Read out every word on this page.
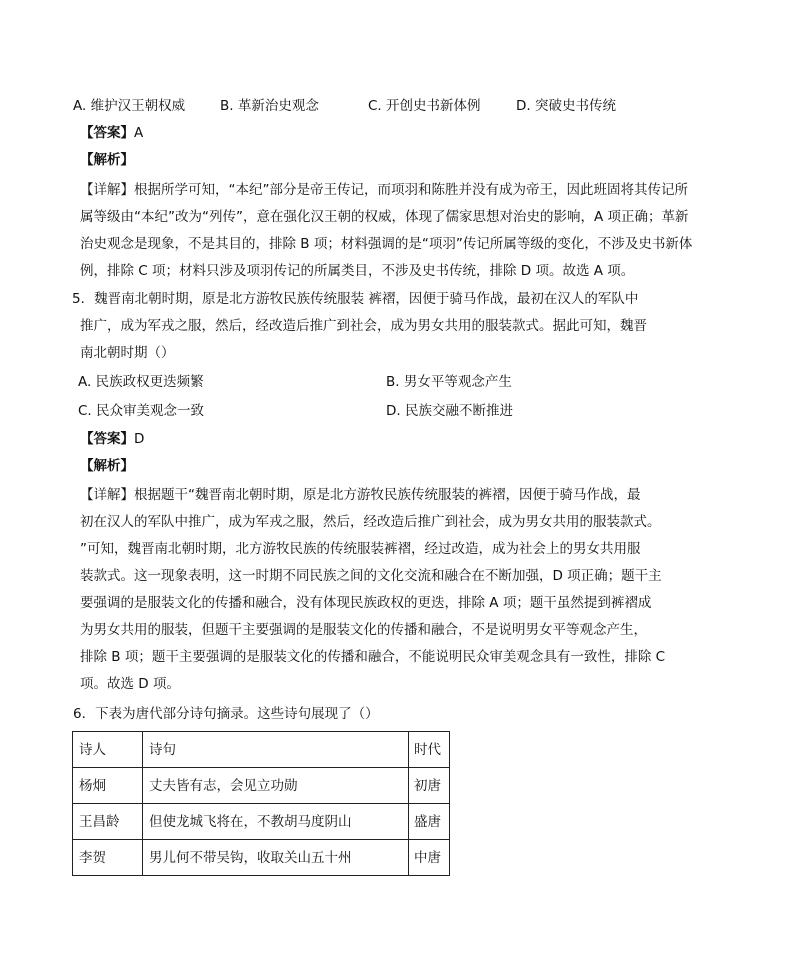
A. 维护汉王朝权威	B. 革新治史观念	C. 开创史书新体例	D. 突破史书传统
【答案】A
【解析】
【详解】根据所学可知，“本纪”部分是帝王传记，而项羽和陈胜并没有成为帝王，因此班固将其传记所
属等级由“本纪”改为“列传”，意在强化汉王朝的权威，体现了儒家思想对治史的影响，A 项正确；革新
治史观念是现象，不是其目的，排除 B 项；材料强调的是“项羽”传记所属等级的变化，不涉及史书新体
例，排除 C 项；材料只涉及项羽传记的所属类目，不涉及史书传统，排除 D 项。故选 A 项。
5．魏晋南北朝时期，原是北方游牧民族传统服装 裤褶，因便于骑马作战，最初在汉人的军队中
推广，成为军戎之服，然后，经改造后推广到社会，成为男女共用的服装款式。据此可知，魏晋
南北朝时期（）
A. 民族政权更迭频繁	B. 男女平等观念产生
C. 民众审美观念一致	D. 民族交融不断推进
【答案】D
【解析】
【详解】根据题干“魏晋南北朝时期，原是北方游牧民族传统服装的裤褶，因便于骑马作战，最
初在汉人的军队中推广，成为军戎之服，然后，经改造后推广到社会，成为男女共用的服装款式。
”可知，魏晋南北朝时期，北方游牧民族的传统服装裤褶，经过改造，成为社会上的男女共用服
装款式。这一现象表明，这一时期不同民族之间的文化交流和融合在不断加强，D 项正确；题干主
要强调的是服装文化的传播和融合，没有体现民族政权的更迭，排除 A 项；题干虽然提到裤褶成
为男女共用的服装，但题干主要强调的是服装文化的传播和融合，不是说明男女平等观念产生，
排除 B 项；题干主要强调的是服装文化的传播和融合，不能说明民众审美观念具有一致性，排除 C
项。故选 D 项。
6．下表为唐代部分诗句摘录。这些诗句展现了（）
诗人	诗句	时代
杨炯	丈夫皆有志，会见立功勋	初唐
王昌龄	但使龙城飞将在，不教胡马度阴山	盛唐
李贺	男儿何不带吴钩，收取关山五十州	中唐
